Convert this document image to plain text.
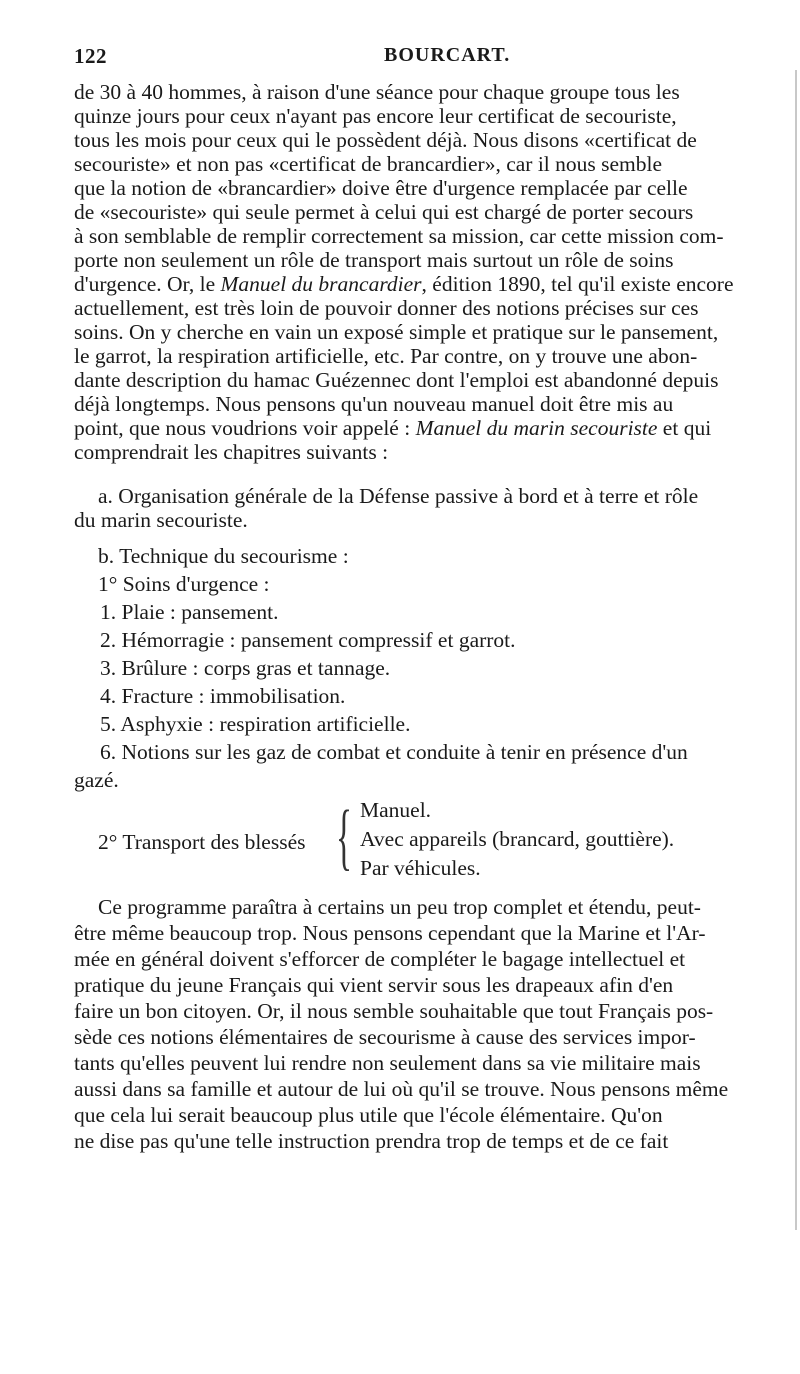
122	BOURCART.
de 30 à 40 hommes, à raison d'une séance pour chaque groupe tous les
quinze jours pour ceux n'ayant pas encore leur certificat de secouriste,
tous les mois pour ceux qui le possèdent déjà. Nous disons «certificat de
secouriste» et non pas «certificat de brancardier», car il nous semble
que la notion de «brancardier» doive être d'urgence remplacée par celle
de «secouriste» qui seule permet à celui qui est chargé de porter secours
à son semblable de remplir correctement sa mission, car cette mission com-
porte non seulement un rôle de transport mais surtout un rôle de soins
d'urgence. Or, le Manuel du brancardier, édition 1890, tel qu'il existe encore
actuellement, est très loin de pouvoir donner des notions précises sur ces
soins. On y cherche en vain un exposé simple et pratique sur le pansement,
le garrot, la respiration artificielle, etc. Par contre, on y trouve une abon-
dante description du hamac Guézennec dont l'emploi est abandonné depuis
déjà longtemps. Nous pensons qu'un nouveau manuel doit être mis au
point, que nous voudrions voir appelé : Manuel du marin secouriste et qui
comprendrait les chapitres suivants :
a. Organisation générale de la Défense passive à bord et à terre et rôle
du marin secouriste.
b. Technique du secourisme :
1° Soins d'urgence :
1. Plaie : pansement.
2. Hémorragie : pansement compressif et garrot.
3. Brûlure : corps gras et tannage.
4. Fracture : immobilisation.
5. Asphyxie : respiration artificielle.
6. Notions sur les gaz de combat et conduite à tenir en présence d'un
gazé.
2° Transport des blessés { Manuel.
Avec appareils (brancard, gouttière).
Par véhicules.
Ce programme paraîtra à certains un peu trop complet et étendu, peut-
être même beaucoup trop. Nous pensons cependant que la Marine et l'Ar-
mée en général doivent s'efforcer de compléter le bagage intellectuel et
pratique du jeune Français qui vient servir sous les drapeaux afin d'en
faire un bon citoyen. Or, il nous semble souhaitable que tout Français pos-
sède ces notions élémentaires de secourisme à cause des services impor-
tants qu'elles peuvent lui rendre non seulement dans sa vie militaire mais
aussi dans sa famille et autour de lui où qu'il se trouve. Nous pensons même
que cela lui serait beaucoup plus utile que l'école élémentaire. Qu'on
ne dise pas qu'une telle instruction prendra trop de temps et de ce fait
